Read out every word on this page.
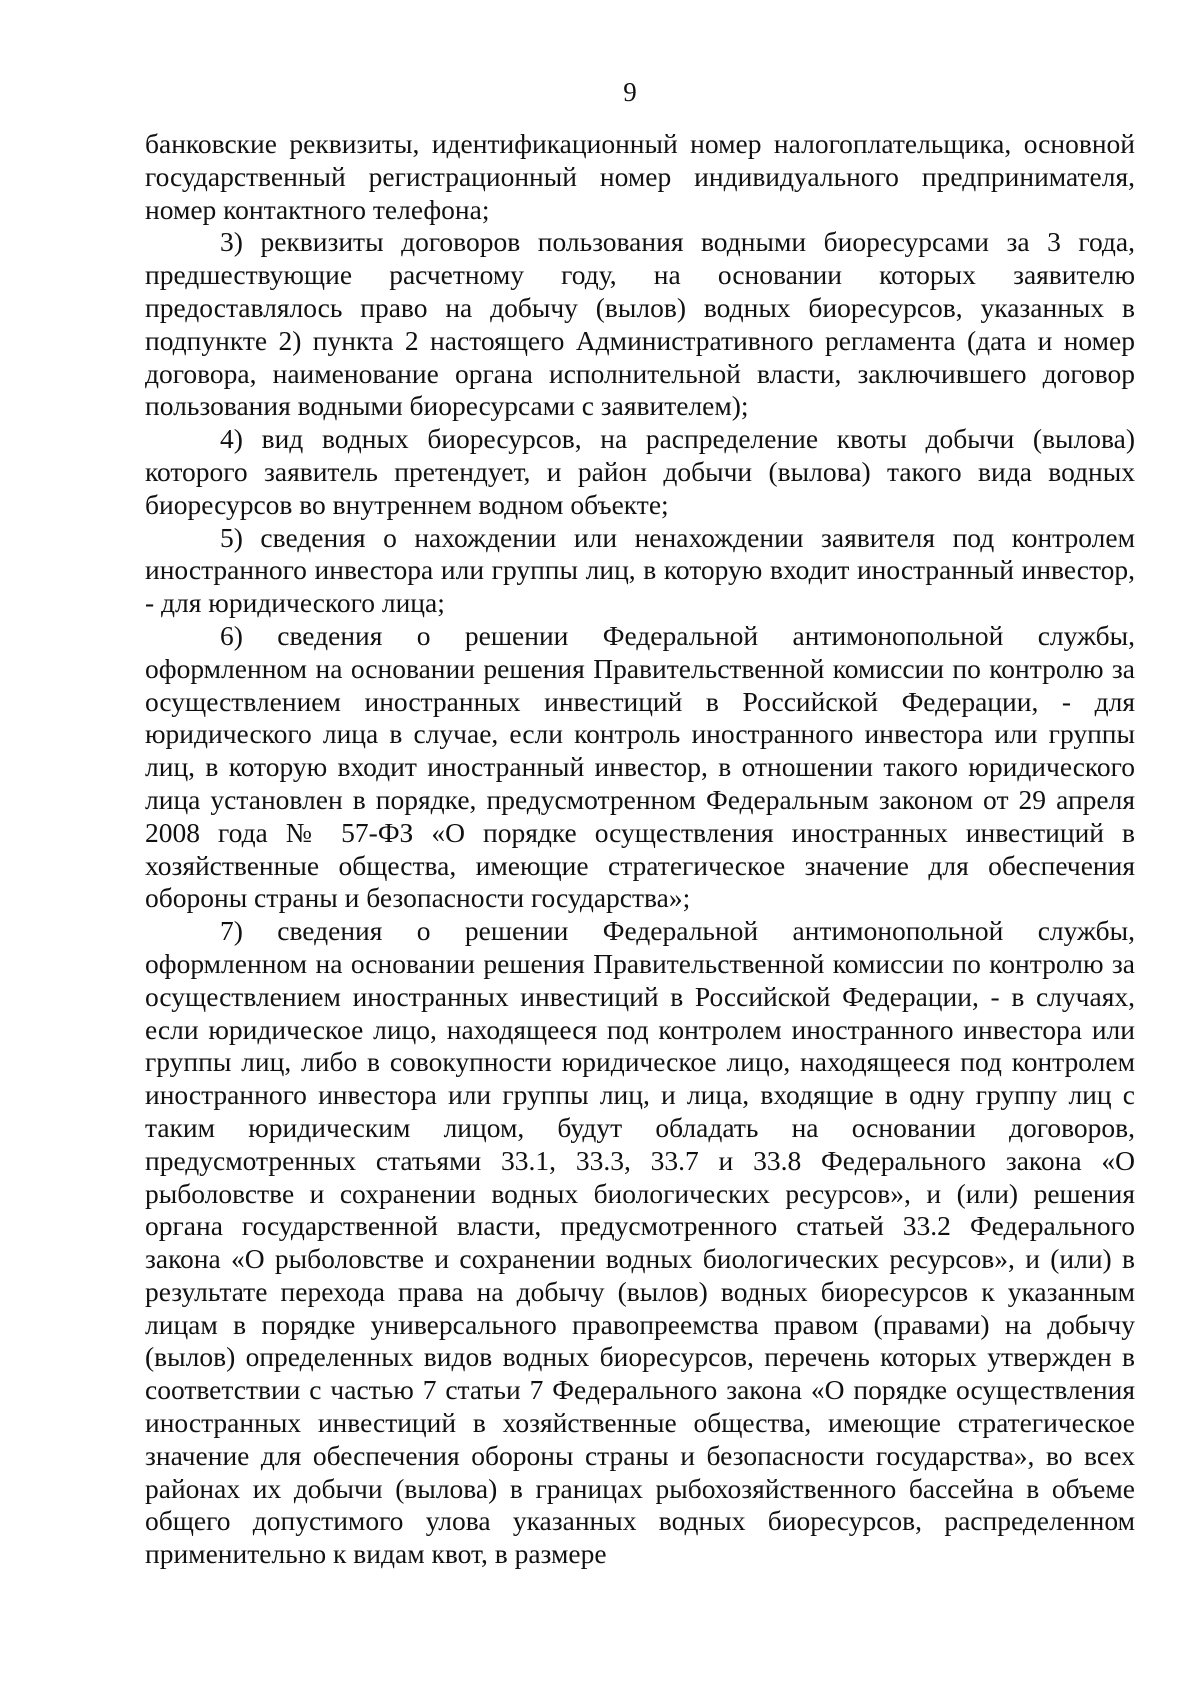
9

банковские реквизиты, идентификационный номер налогоплательщика, основной государственный регистрационный номер индивидуального предпринимателя, номер контактного телефона;

3) реквизиты договоров пользования водными биоресурсами за 3 года, предшествующие расчетному году, на основании которых заявителю предоставлялось право на добычу (вылов) водных биоресурсов, указанных в подпункте 2) пункта 2 настоящего Административного регламента (дата и номер договора, наименование органа исполнительной власти, заключившего договор пользования водными биоресурсами с заявителем);

4) вид водных биоресурсов, на распределение квоты добычи (вылова) которого заявитель претендует, и район добычи (вылова) такого вида водных биоресурсов во внутреннем водном объекте;

5) сведения о нахождении или ненахождении заявителя под контролем иностранного инвестора или группы лиц, в которую входит иностранный инвестор, - для юридического лица;

6) сведения о решении Федеральной антимонопольной службы, оформленном на основании решения Правительственной комиссии по контролю за осуществлением иностранных инвестиций в Российской Федерации, - для юридического лица в случае, если контроль иностранного инвестора или группы лиц, в которую входит иностранный инвестор, в отношении такого юридического лица установлен в порядке, предусмотренном Федеральным законом от 29 апреля 2008 года № 57-ФЗ «О порядке осуществления иностранных инвестиций в хозяйственные общества, имеющие стратегическое значение для обеспечения обороны страны и безопасности государства»;

7) сведения о решении Федеральной антимонопольной службы, оформленном на основании решения Правительственной комиссии по контролю за осуществлением иностранных инвестиций в Российской Федерации, - в случаях, если юридическое лицо, находящееся под контролем иностранного инвестора или группы лиц, либо в совокупности юридическое лицо, находящееся под контролем иностранного инвестора или группы лиц, и лица, входящие в одну группу лиц с таким юридическим лицом, будут обладать на основании договоров, предусмотренных статьями 33.1, 33.3, 33.7 и 33.8 Федерального закона «О рыболовстве и сохранении водных биологических ресурсов», и (или) решения органа государственной власти, предусмотренного статьей 33.2 Федерального закона «О рыболовстве и сохранении водных биологических ресурсов», и (или) в результате перехода права на добычу (вылов) водных биоресурсов к указанным лицам в порядке универсального правопреемства правом (правами) на добычу (вылов) определенных видов водных биоресурсов, перечень которых утвержден в соответствии с частью 7 статьи 7 Федерального закона «О порядке осуществления иностранных инвестиций в хозяйственные общества, имеющие стратегическое значение для обеспечения обороны страны и безопасности государства», во всех районах их добычи (вылова) в границах рыбохозяйственного бассейна в объеме общего допустимого улова указанных водных биоресурсов, распределенном применительно к видам квот, в размере
